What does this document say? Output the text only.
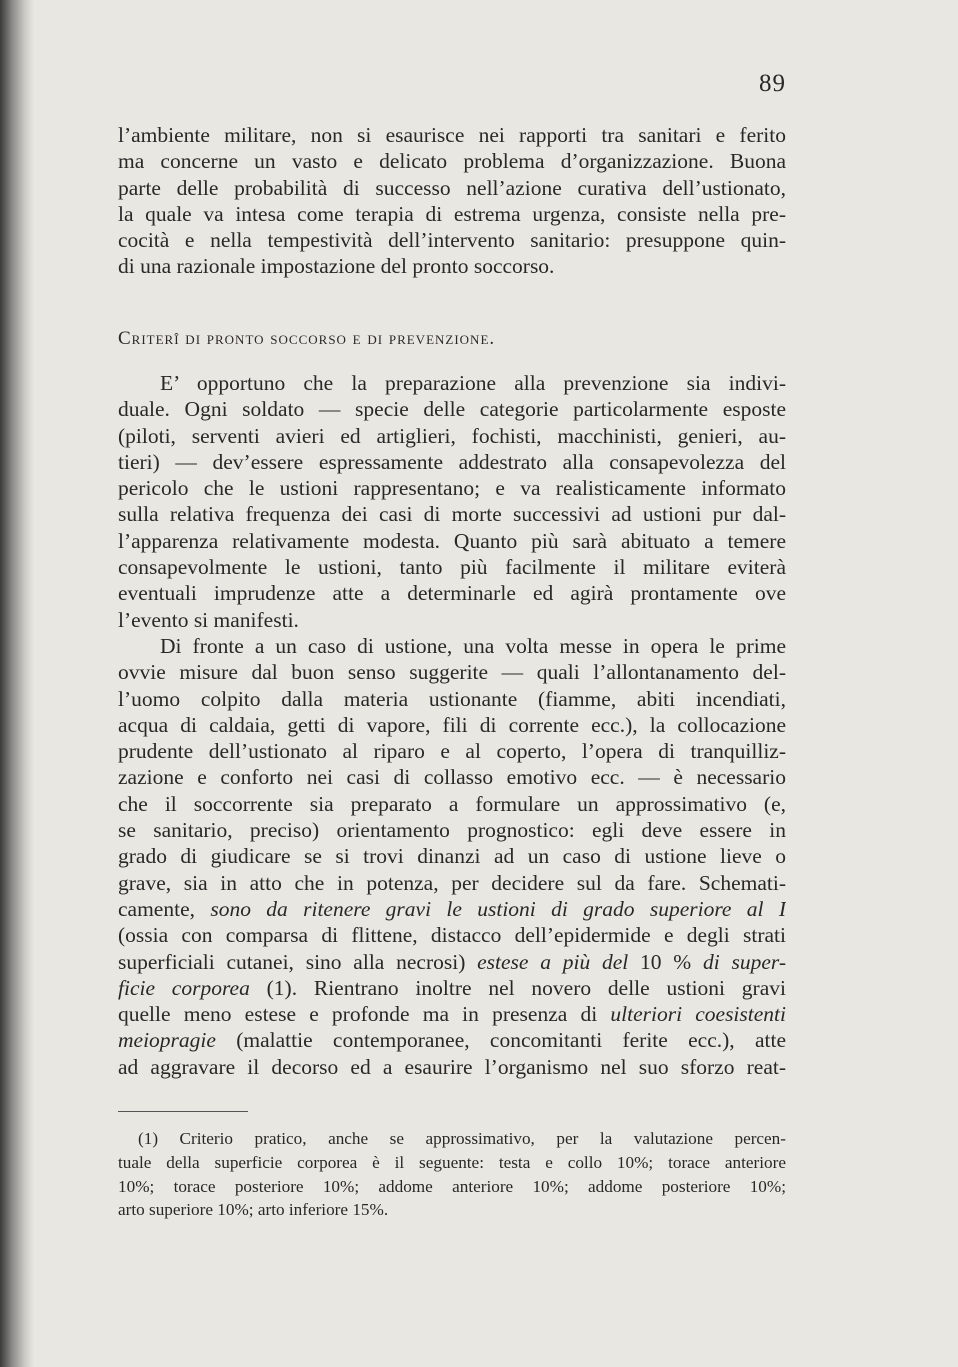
89
l’ambiente militare, non si esaurisce nei rapporti tra sanitari e ferito
ma concerne un vasto e delicato problema d’organizzazione. Buona
parte delle probabilità di successo nell’azione curativa dell’ustionato,
la quale va intesa come terapia di estrema urgenza, consiste nella pre-
cocità e nella tempestività dell’intervento sanitario: presuppone quin-
di una razionale impostazione del pronto soccorso.
Criterî di pronto soccorso e di prevenzione.
E’ opportuno che la preparazione alla prevenzione sia indivi-
duale. Ogni soldato — specie delle categorie particolarmente esposte
(piloti, serventi avieri ed artiglieri, fochisti, macchinisti, genieri, au-
tieri) — dev’essere espressamente addestrato alla consapevolezza del
pericolo che le ustioni rappresentano; e va realisticamente informato
sulla relativa frequenza dei casi di morte successivi ad ustioni pur dal-
l’apparenza relativamente modesta. Quanto più sarà abituato a temere
consapevolmente le ustioni, tanto più facilmente il militare eviterà
eventuali imprudenze atte a determinarle ed agirà prontamente ove
l’evento si manifesti.
Di fronte a un caso di ustione, una volta messe in opera le prime
ovvie misure dal buon senso suggerite — quali l’allontanamento del-
l’uomo colpito dalla materia ustionante (fiamme, abiti incendiati,
acqua di caldaia, getti di vapore, fili di corrente ecc.), la collocazione
prudente dell’ustionato al riparo e al coperto, l’opera di tranquilliz-
zazione e conforto nei casi di collasso emotivo ecc. — è necessario
che il soccorrente sia preparato a formulare un approssimativo (e,
se sanitario, preciso) orientamento prognostico: egli deve essere in
grado di giudicare se si trovi dinanzi ad un caso di ustione lieve o
grave, sia in atto che in potenza, per decidere sul da fare. Schemati-
camente, sono da ritenere gravi le ustioni di grado superiore al I
(ossia con comparsa di flittene, distacco dell’epidermide e degli strati
superficiali cutanei, sino alla necrosi) estese a più del 10 % di super-
ficie corporea (1). Rientrano inoltre nel novero delle ustioni gravi
quelle meno estese e profonde ma in presenza di ulteriori coesistenti
meiopragie (malattie contemporanee, concomitanti ferite ecc.), atte
ad aggravare il decorso ed a esaurire l’organismo nel suo sforzo reat-
(1) Criterio pratico, anche se approssimativo, per la valutazione percen-
tuale della superficie corporea è il seguente: testa e collo 10%; torace anteriore
10%; torace posteriore 10%; addome anteriore 10%; addome posteriore 10%;
arto superiore 10%; arto inferiore 15%.
